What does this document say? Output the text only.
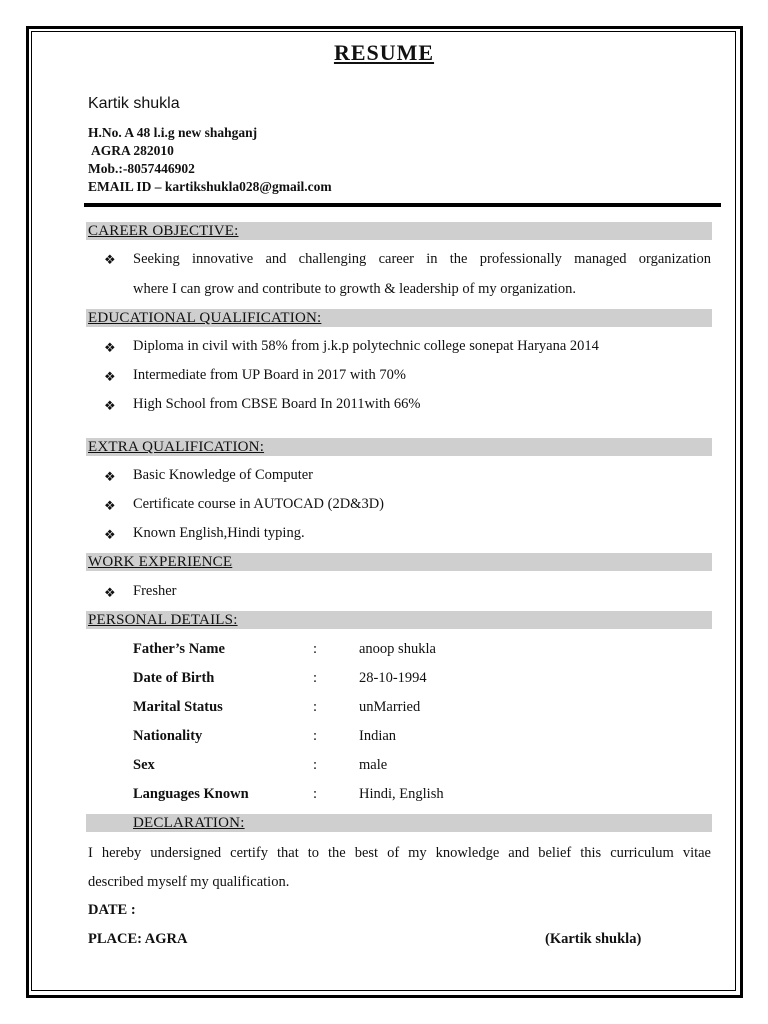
RESUME
Kartik shukla
H.No. A 48 l.i.g new shahganj
AGRA 282010
Mob.:-8057446902
EMAIL ID – kartikshukla028@gmail.com
CAREER OBJECTIVE:
❖ Seeking innovative and challenging career in the professionally managed organization
where I can grow and contribute to growth & leadership of my organization.
EDUCATIONAL QUALIFICATION:
❖ Diploma in civil with 58% from j.k.p polytechnic college sonepat Haryana 2014
❖ Intermediate from UP Board in 2017 with 70%
❖ High School from CBSE Board In 2011with 66%
EXTRA QUALIFICATION:
❖ Basic Knowledge of Computer
❖ Certificate course in AUTOCAD (2D&3D)
❖ Known English,Hindi typing.
WORK EXPERIENCE
❖ Fresher
PERSONAL DETAILS:
Father’s Name	:	anoop shukla
Date of Birth	:	28-10-1994
Marital Status	:	unMarried
Nationality	:	Indian
Sex	:	male
Languages Known	:	Hindi, English
DECLARATION:
I hereby undersigned certify that to the best of my knowledge and belief this curriculum vitae
described myself my qualification.
DATE :
PLACE: AGRA	(Kartik shukla)
